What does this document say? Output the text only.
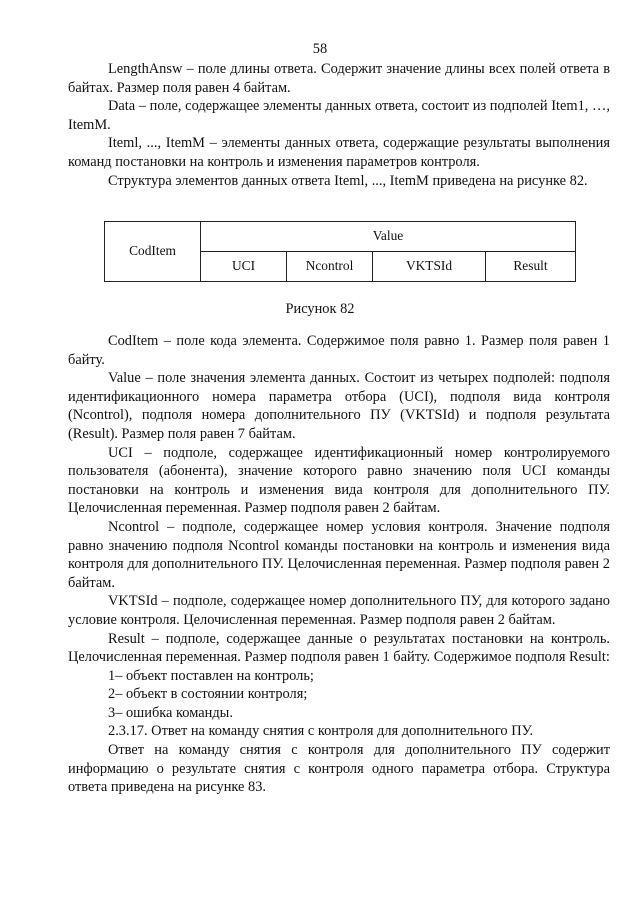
58

LengthAnsw – поле длины ответа. Содержит значение длины всех полей ответа в байтах. Размер поля равен 4 байтам.

Data – поле, содержащее элементы данных ответа, состоит из подполей Item1, …, ItemM.

Iteml, ..., ItemM – элементы данных ответа, содержащие результаты выполнения команд постановки на контроль и изменения параметров контроля.

Структура элементов данных ответа Iteml, ..., ItemM приведена на рисунке 82.

CodItem	Value			
	UCI	Ncontrol	VKTSId	Result
Рисунок 82

CodItem – поле кода элемента. Содержимое поля равно 1. Размер поля равен 1 байту.

Value – поле значения элемента данных. Состоит из четырех подполей: подполя идентификационного номера параметра отбора (UCI), подполя вида контроля (Ncontrol), подполя номера дополнительного ПУ (VKTSId) и подполя результата (Result). Размер поля равен 7 байтам.

UCI – подполе, содержащее идентификационный номер контролируемого пользователя (абонента), значение которого равно значению поля UCI команды постановки на контроль и изменения вида контроля для дополнительного ПУ. Целочисленная переменная. Размер подполя равен 2 байтам.

Ncontrol – подполе, содержащее номер условия контроля. Значение подполя равно значению подполя Ncontrol команды постановки на контроль и изменения вида контроля для дополнительного ПУ. Целочисленная переменная. Размер подполя равен 2 байтам.

VKTSId – подполе, содержащее номер дополнительного ПУ, для которого задано условие контроля. Целочисленная переменная. Размер подполя равен 2 байтам.

Result – подполе, содержащее данные о результатах постановки на контроль. Целочисленная переменная. Размер подполя равен 1 байту. Содержимое подполя Result:

1– объект поставлен на контроль;

2– объект в состоянии контроля;

3– ошибка команды.

2.3.17. Ответ на команду снятия с контроля для дополнительного ПУ.

Ответ на команду снятия с контроля для дополнительного ПУ содержит информацию о результате снятия с контроля одного параметра отбора. Структура ответа приведена на рисунке 83.
